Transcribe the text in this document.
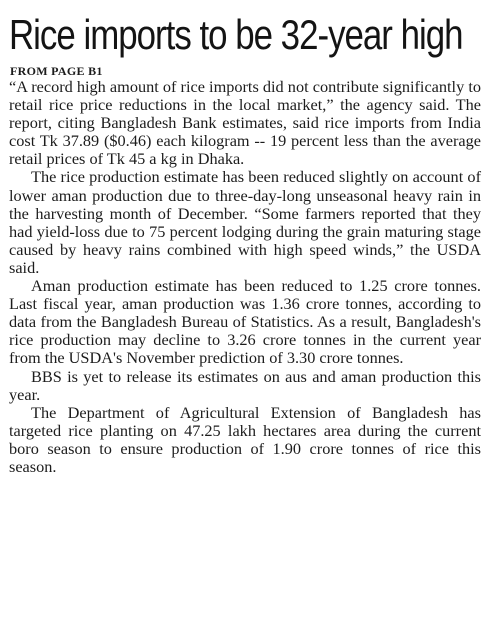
Rice imports to be 32-year high

FROM PAGE B1

“A record high amount of rice imports did not contribute significantly to retail rice price reductions in the local market,” the agency said. The report, citing Bangladesh Bank estimates, said rice imports from India cost Tk 37.89 ($0.46) each kilogram -- 19 percent less than the average retail prices of Tk 45 a kg in Dhaka.

The rice production estimate has been reduced slightly on account of lower aman production due to three-day-long unseasonal heavy rain in the harvesting month of December. “Some farmers reported that they had yield-loss due to 75 percent lodging during the grain maturing stage caused by heavy rains combined with high speed winds,” the USDA said.

Aman production estimate has been reduced to 1.25 crore tonnes. Last fiscal year, aman production was 1.36 crore tonnes, according to data from the Bangladesh Bureau of Statistics. As a result, Bangladesh's rice production may decline to 3.26 crore tonnes in the current year from the USDA's November prediction of 3.30 crore tonnes.

BBS is yet to release its estimates on aus and aman production this year.

The Department of Agricultural Extension of Bangladesh has targeted rice planting on 47.25 lakh hectares area during the current boro season to ensure production of 1.90 crore tonnes of rice this season.
